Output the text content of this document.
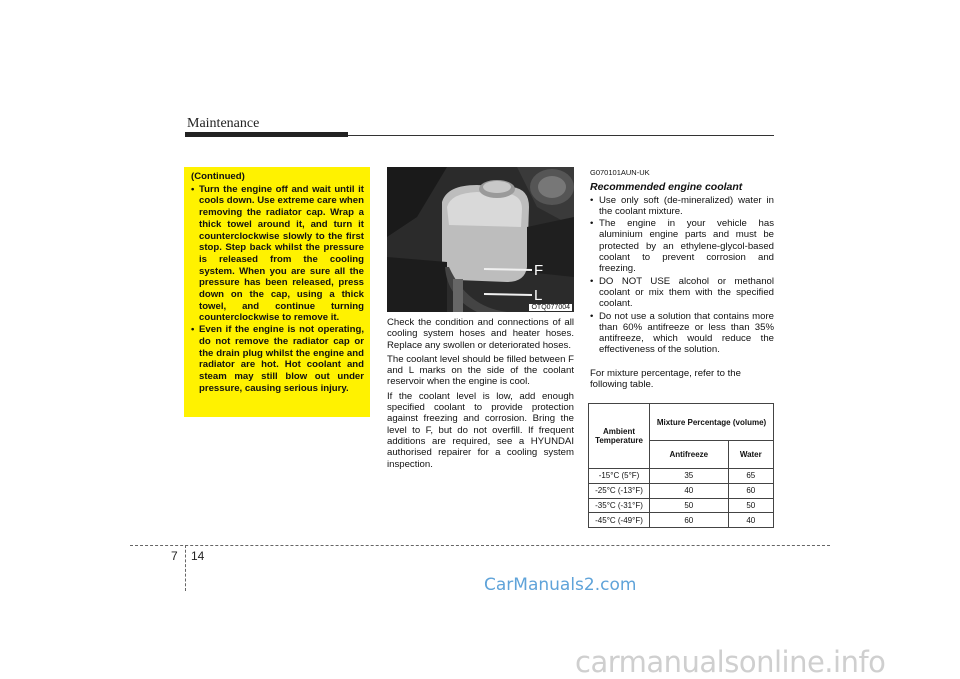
Maintenance
(Continued)
• Turn the engine off and wait until it cools down. Use extreme care when removing the radiator cap. Wrap a thick towel around it, and turn it counterclockwise slowly to the first stop. Step back whilst the pressure is released from the cooling system. When you are sure all the pressure has been released, press down on the cap, using a thick towel, and continue turning counterclockwise to remove it.
• Even if the engine is not operating, do not remove the radiator cap or the drain plug whilst the engine and radiator are hot. Hot coolant and steam may still blow out under pressure, causing serious injury.
F
L
OTQ077004

Check the condition and connections of all cooling system hoses and heater hoses. Replace any swollen or deteriorated hoses.

The coolant level should be filled between F and L marks on the side of the coolant reservoir when the engine is cool.

If the coolant level is low, add enough specified coolant to provide protection against freezing and corrosion. Bring the level to F, but do not overfill. If frequent additions are required, see a HYUNDAI authorised repairer for a cooling system inspection.

G070101AUN-UK
Recommended engine coolant
• Use only soft (de-mineralized) water in the coolant mixture.
• The engine in your vehicle has aluminium engine parts and must be protected by an ethylene-glycol-based coolant to prevent corrosion and freezing.
• DO NOT USE alcohol or methanol coolant or mix them with the specified coolant.
• Do not use a solution that contains more than 60% antifreeze or less than 35% antifreeze, which would reduce the effectiveness of the solution.
For mixture percentage, refer to the following table.
Ambient Temperature	Mixture Percentage (volume)	
	Antifreeze	Water
-15°C (5°F)	35	65
-25°C (-13°F)	40	60
-35°C (-31°F)	50	50
-45°C (-49°F)	60	40
7 14
CarManuals2.com
carmanualsonline.info
